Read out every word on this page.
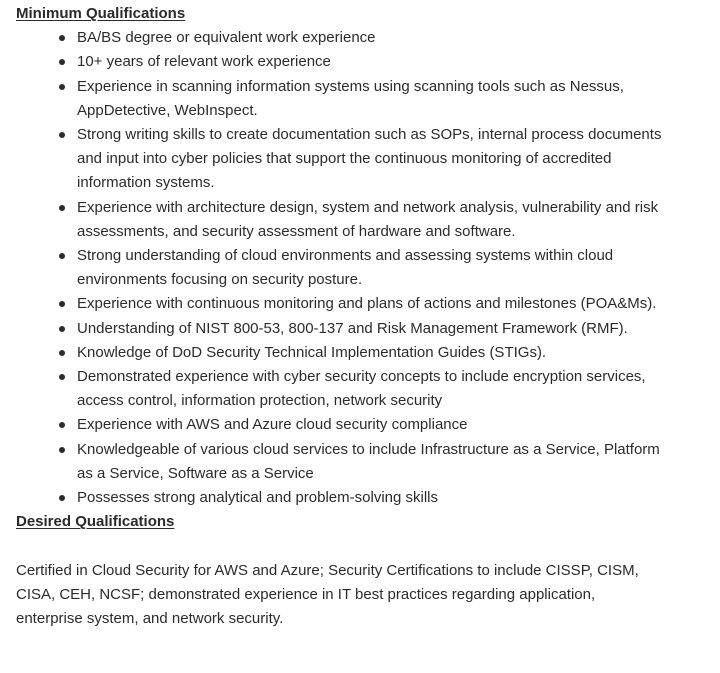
Minimum Qualifications
BA/BS degree or equivalent work experience
10+ years of relevant work experience
Experience in scanning information systems using scanning tools such as Nessus, AppDetective, WebInspect.
Strong writing skills to create documentation such as SOPs, internal process documents and input into cyber policies that support the continuous monitoring of accredited information systems.
Experience with architecture design, system and network analysis, vulnerability and risk assessments, and security assessment of hardware and software.
Strong understanding of cloud environments and assessing systems within cloud environments focusing on security posture.
Experience with continuous monitoring and plans of actions and milestones (POA&Ms).
Understanding of NIST 800-53, 800-137 and Risk Management Framework (RMF).
Knowledge of DoD Security Technical Implementation Guides (STIGs).
Demonstrated experience with cyber security concepts to include encryption services, access control, information protection, network security
Experience with AWS and Azure cloud security compliance
Knowledgeable of various cloud services to include Infrastructure as a Service, Platform as a Service, Software as a Service
Possesses strong analytical and problem-solving skills
Desired Qualifications

Certified in Cloud Security for AWS and Azure; Security Certifications to include CISSP, CISM, CISA, CEH, NCSF; demonstrated experience in IT best practices regarding application, enterprise system, and network security.
